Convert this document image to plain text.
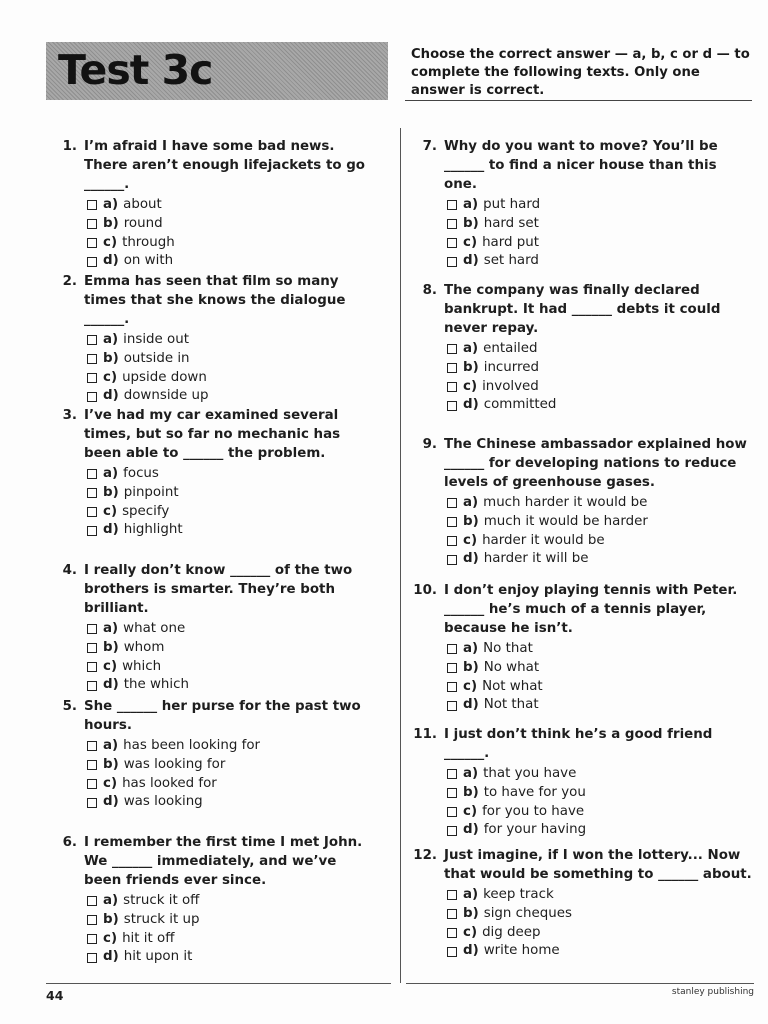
Test 3c	Choose the correct answer — a, b, c or d — to complete the following texts. Only one answer is correct.
1. I’m afraid I have some bad news. There aren’t enough lifejackets to go ______.
a) about
b) round
c) through
d) on with
2. Emma has seen that film so many times that she knows the dialogue ______.
a) inside out
b) outside in
c) upside down
d) downside up
3. I’ve had my car examined several times, but so far no mechanic has been able to ______ the problem.
a) focus
b) pinpoint
c) specify
d) highlight
4. I really don’t know ______ of the two brothers is smarter. They’re both brilliant.
a) what one
b) whom
c) which
d) the which
5. She ______ her purse for the past two hours.
a) has been looking for
b) was looking for
c) has looked for
d) was looking
6. I remember the first time I met John. We ______ immediately, and we’ve been friends ever since.
a) struck it off
b) struck it up
c) hit it off
d) hit upon it
7. Why do you want to move? You’ll be ______ to find a nicer house than this one.
a) put hard
b) hard set
c) hard put
d) set hard
8. The company was finally declared bankrupt. It had ______ debts it could never repay.
a) entailed
b) incurred
c) involved
d) committed
9. The Chinese ambassador explained how ______ for developing nations to reduce levels of greenhouse gases.
a) much harder it would be
b) much it would be harder
c) harder it would be
d) harder it will be
10. I don’t enjoy playing tennis with Peter. ______ he’s much of a tennis player, because he isn’t.
a) No that
b) No what
c) Not what
d) Not that
11. I just don’t think he’s a good friend ______.
a) that you have
b) to have for you
c) for you to have
d) for your having
12. Just imagine, if I won the lottery... Now that would be something to ______ about.
a) keep track
b) sign cheques
c) dig deep
d) write home
44	stanley publishing
